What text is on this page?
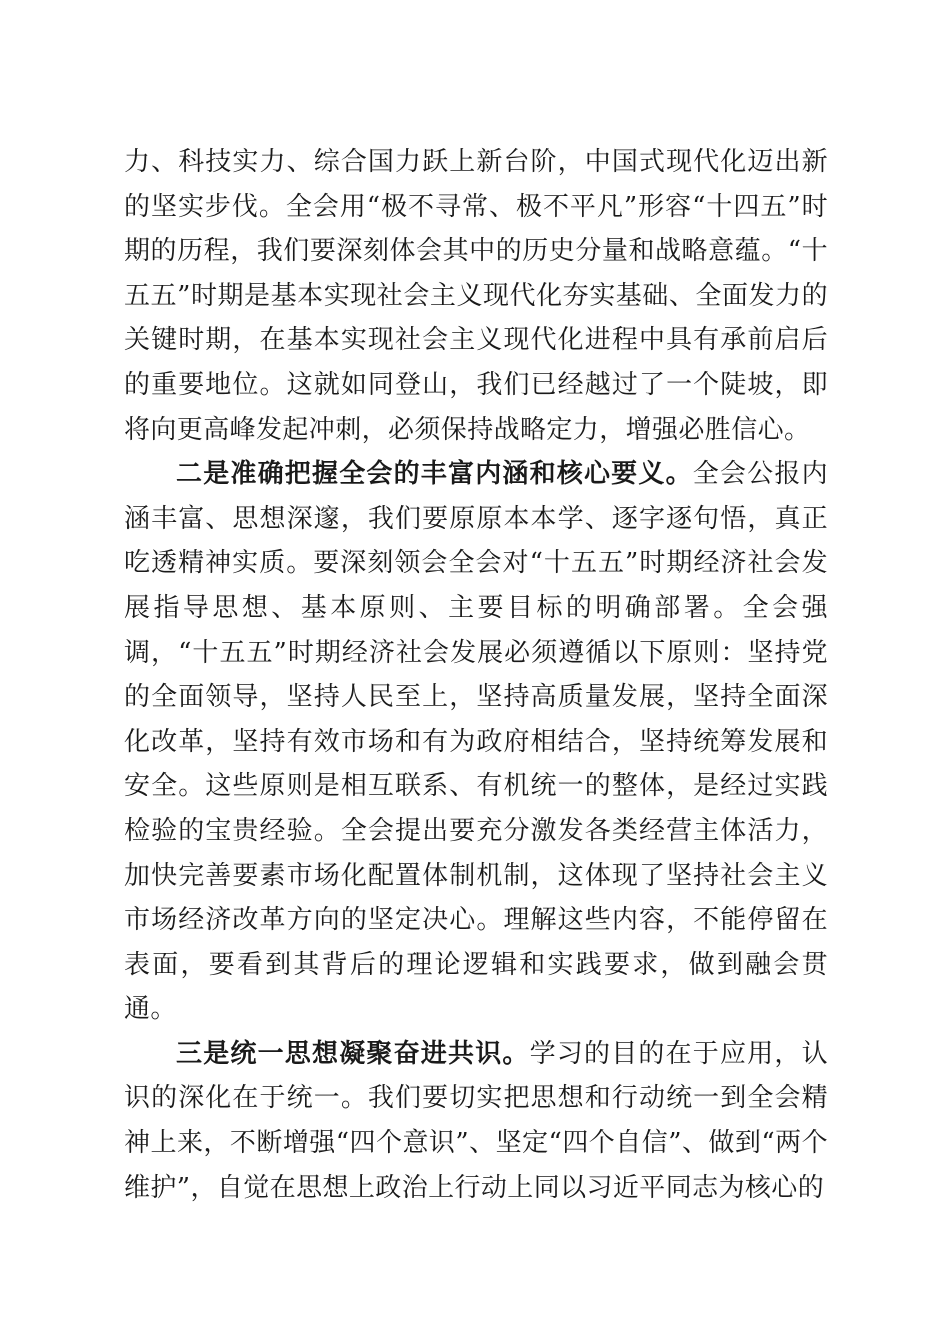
力、科技实力、综合国力跃上新台阶，中国式现代化迈出新的坚实步伐。全会用“极不寻常、极不平凡”形容“十四五”时期的历程，我们要深刻体会其中的历史分量和战略意蕴。“十五五”时期是基本实现社会主义现代化夯实基础、全面发力的关键时期，在基本实现社会主义现代化进程中具有承前启后的重要地位。这就如同登山，我们已经越过了一个陡坡，即将向更高峰发起冲刺，必须保持战略定力，增强必胜信心。

二是准确把握全会的丰富内涵和核心要义。全会公报内涵丰富、思想深邃，我们要原原本本学、逐字逐句悟，真正吃透精神实质。要深刻领会全会对“十五五”时期经济社会发展指导思想、基本原则、主要目标的明确部署。全会强调，“十五五”时期经济社会发展必须遵循以下原则：坚持党的全面领导，坚持人民至上，坚持高质量发展，坚持全面深化改革，坚持有效市场和有为政府相结合，坚持统筹发展和安全。这些原则是相互联系、有机统一的整体，是经过实践检验的宝贵经验。全会提出要充分激发各类经营主体活力，加快完善要素市场化配置体制机制，这体现了坚持社会主义市场经济改革方向的坚定决心。理解这些内容，不能停留在表面，要看到其背后的理论逻辑和实践要求，做到融会贯通。

三是统一思想凝聚奋进共识。学习的目的在于应用，认识的深化在于统一。我们要切实把思想和行动统一到全会精神上来，不断增强“四个意识”、坚定“四个自信”、做到“两个维护”，自觉在思想上政治上行动上同以习近平同志为核心的
